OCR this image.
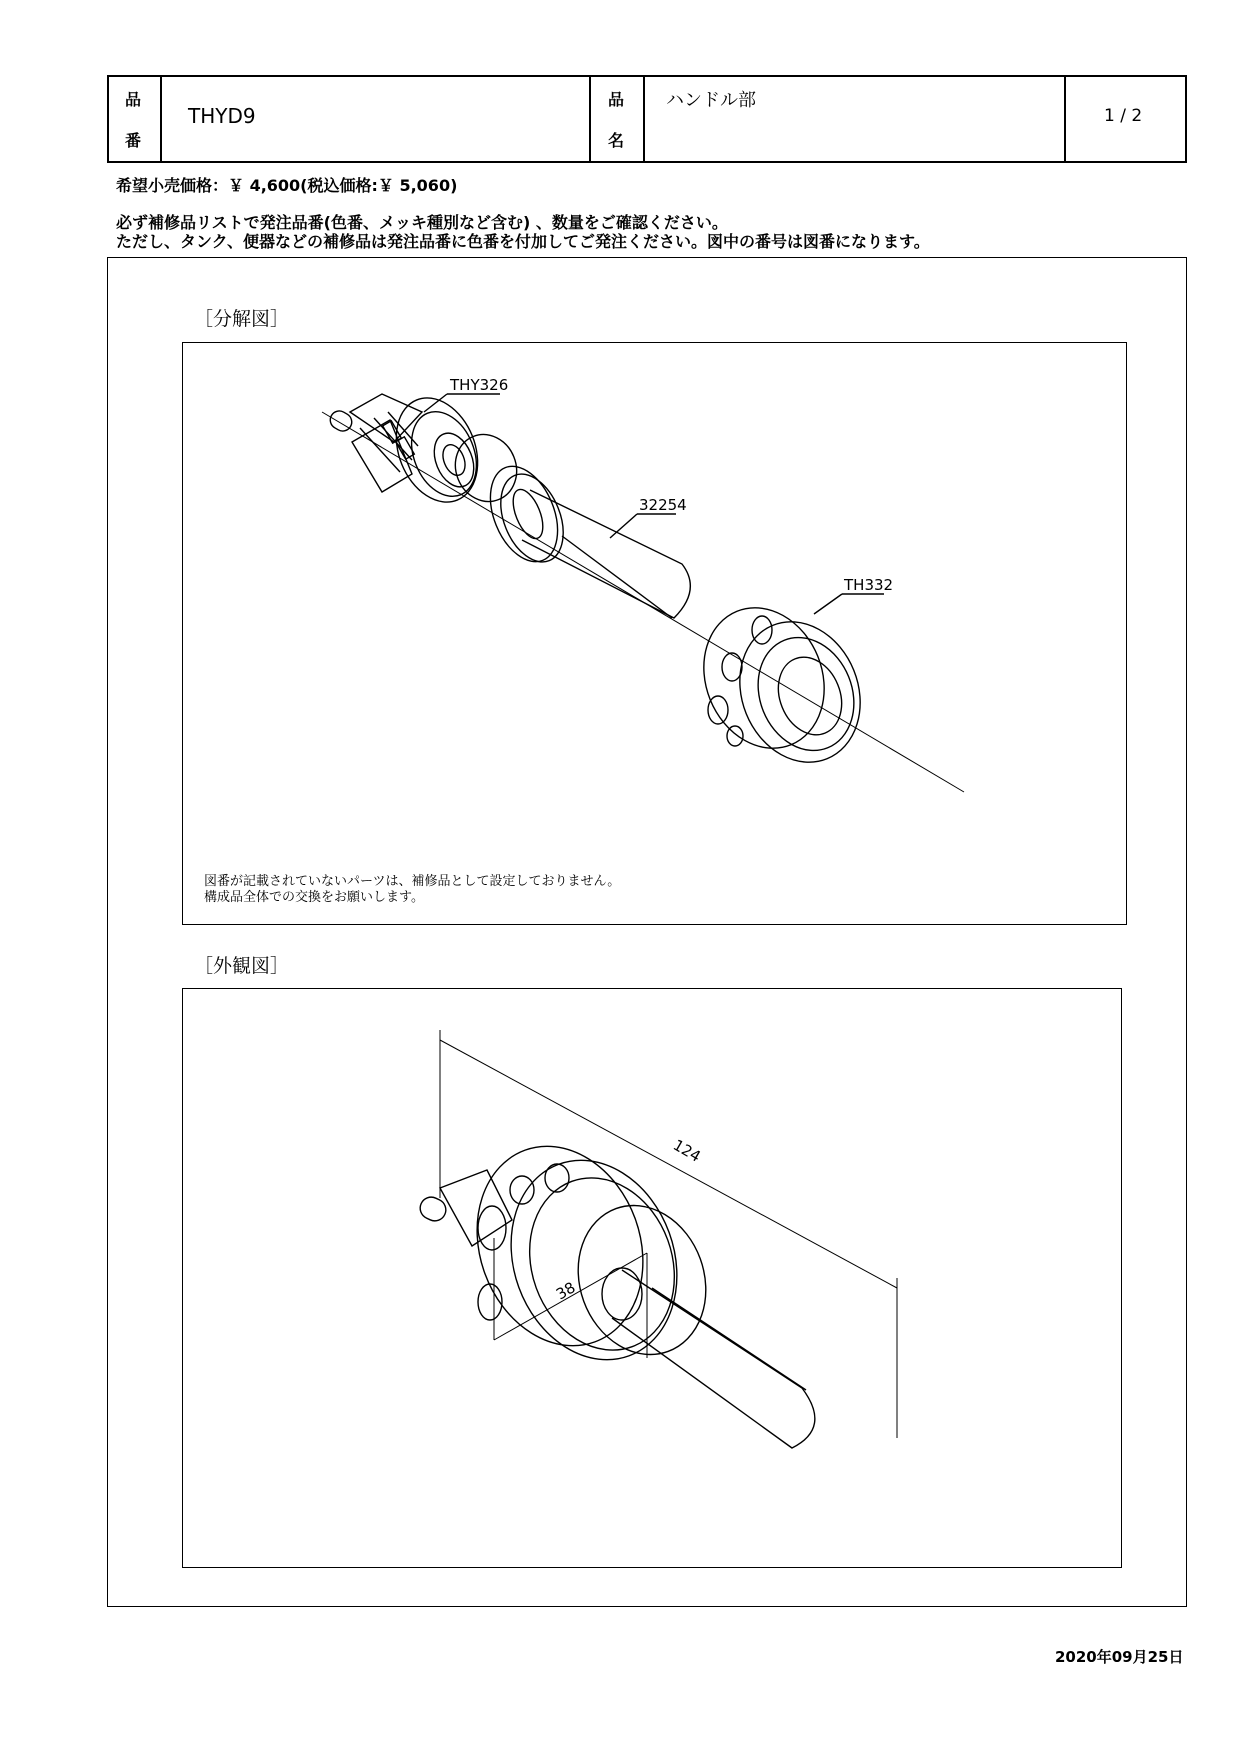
品
番
THYD9
品
名
ハンドル部
1 / 2
希望小売価格：￥ 4,600(税込価格:￥ 5,060)
必ず補修品リストで発注品番(色番、メッキ種別など含む) 、数量をご確認ください。
ただし、タンク、便器などの補修品は発注品番に色番を付加してご発注ください。図中の番号は図番になります。
［分解図］
THY326
32254
TH332
図番が記載されていないパーツは、補修品として設定しておりません。
構成品全体での交換をお願いします。
［外観図］
124
38
2020年09月25日
